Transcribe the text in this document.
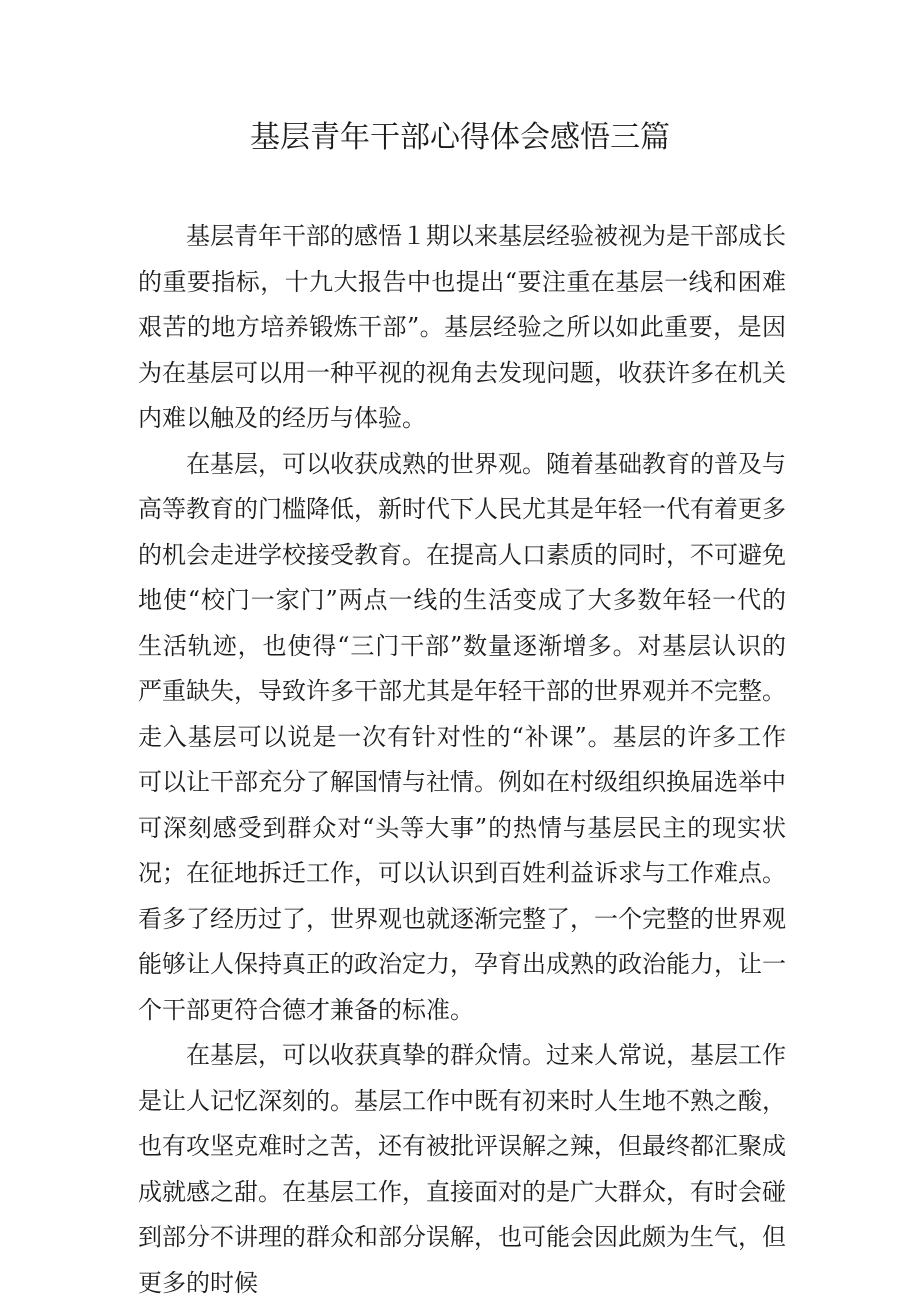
基层青年干部心得体会感悟三篇

基层青年干部的感悟１期以来基层经验被视为是干部成长的重要指标，十九大报告中也提出“要注重在基层一线和困难艰苦的地方培养锻炼干部”。基层经验之所以如此重要，是因为在基层可以用一种平视的视角去发现问题，收获许多在机关内难以触及的经历与体验。

在基层，可以收获成熟的世界观。随着基础教育的普及与高等教育的门槛降低，新时代下人民尤其是年轻一代有着更多的机会走进学校接受教育。在提高人口素质的同时，不可避免地使“校门一家门”两点一线的生活变成了大多数年轻一代的生活轨迹，也使得“三门干部”数量逐渐增多。对基层认识的严重缺失，导致许多干部尤其是年轻干部的世界观并不完整。走入基层可以说是一次有针对性的“补课”。基层的许多工作可以让干部充分了解国情与社情。例如在村级组织换届选举中可深刻感受到群众对“头等大事”的热情与基层民主的现实状况；在征地拆迁工作，可以认识到百姓利益诉求与工作难点。看多了经历过了，世界观也就逐渐完整了，一个完整的世界观能够让人保持真正的政治定力，孕育出成熟的政治能力，让一个干部更符合德才兼备的标准。

在基层，可以收获真挚的群众情。过来人常说，基层工作是让人记忆深刻的。基层工作中既有初来时人生地不熟之酸，也有攻坚克难时之苦，还有被批评误解之辣，但最终都汇聚成成就感之甜。在基层工作，直接面对的是广大群众，有时会碰到部分不讲理的群众和部分误解，也可能会因此颇为生气，但更多的时候
